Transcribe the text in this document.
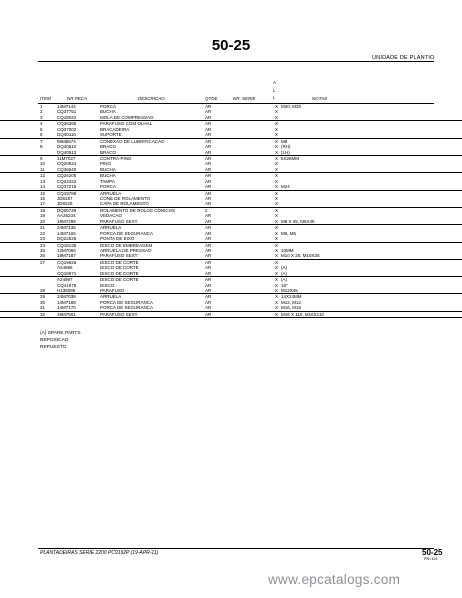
50-25
UNIDADE DE PLANTIO
A
L
L
ITEM	NR.PECA	DESCRICAO	QTDE	NR. SERIE	NOTAS
1	14M7144	PORCA	AR	X M20, M20
2	CQ37751	BUCHA	AR	X
3	CQ18042	MOLA DE COMPRESSAO	AR	X
4	CQ36365	PARAFUSO COM OLHAL	AR	X
5	CQ37002	BRACADEIRA	AR	X
6	DQ40116	SUPORTE	AR	X
7	58M5574	CONEXAO DE LUBRIFICACAO	AR	X M8
8	DQ40512	BRACO	AR	X (RH)
DQ40513	BRACO	AR	X (LH)
9	11M7027	CONTRA-PINO	AR	X 5X28MM
10	CQ20624	PINO	AR	X
11	CQ36940	BUCHA	AR	X
12	CQ26205	BUCHA	AR	X
13	CQ22322	TAMPA	AR	X
14	CQ37218	PORCA	AR	X M24
15	CQ19788	ARRUELA	AR	X
16	JD8187	CONE DE ROLAMENTO	AR	X
17	JD8225	CAPA DE ROLAMENTO	AR	X
18	DQ06749	ROLAMENTO DE ROLOS CONICOS	2	X
19	AA26234	VEDACAO	AR	X
20	19M7299	PARAFUSO SEXT.	AR	X M6 X 45, M6X45
21	24M7136	ARRUELA	AR	X
22	14M7165	PORCA DE SEGURANCA	AR	X M6, M6
23	DQ22525	PONTA DE EIXO	AR	X
24	CQ16135	DISCO DE EMBREAGEM	AR	X
25	12M7066	ARRUELA DE PRESSAO	AR	X 10MM
26	19M7187	PARAFUSO SEXT.	AR	X M10 X 25, M10X25
27	CQ19625	DISCO DE CORTE	AR	X
A24696	DISCO DE CORTE	AR	X (A)
CQ18671	DISCO DE CORTE	AR	X (A)
A24997	DISCO DE CORTE	AR	X (A)
CQ41978	DISCO	AR	X 18"
28	H136096	PARAFUSO	AR	X M12X45
29	24M7038	ARRUELA	AR	X 14X24MM
30	14M7168	PORCA DE SEGURANCA	AR	X M12, M12
31	14M7170	PORCA DE SEGURANCA	AR	X M16, M16
32	19M7501	PARAFUSO SEXT.	AR	X M16 X 110, M16X110
(A) SPARE PARTS
REPOSICAO
REPUESTO
PLANTADEIRAS SERIE 2200 PC9192P (19-APR-11)	50-25
PN=121
www.epcatalogs.com
